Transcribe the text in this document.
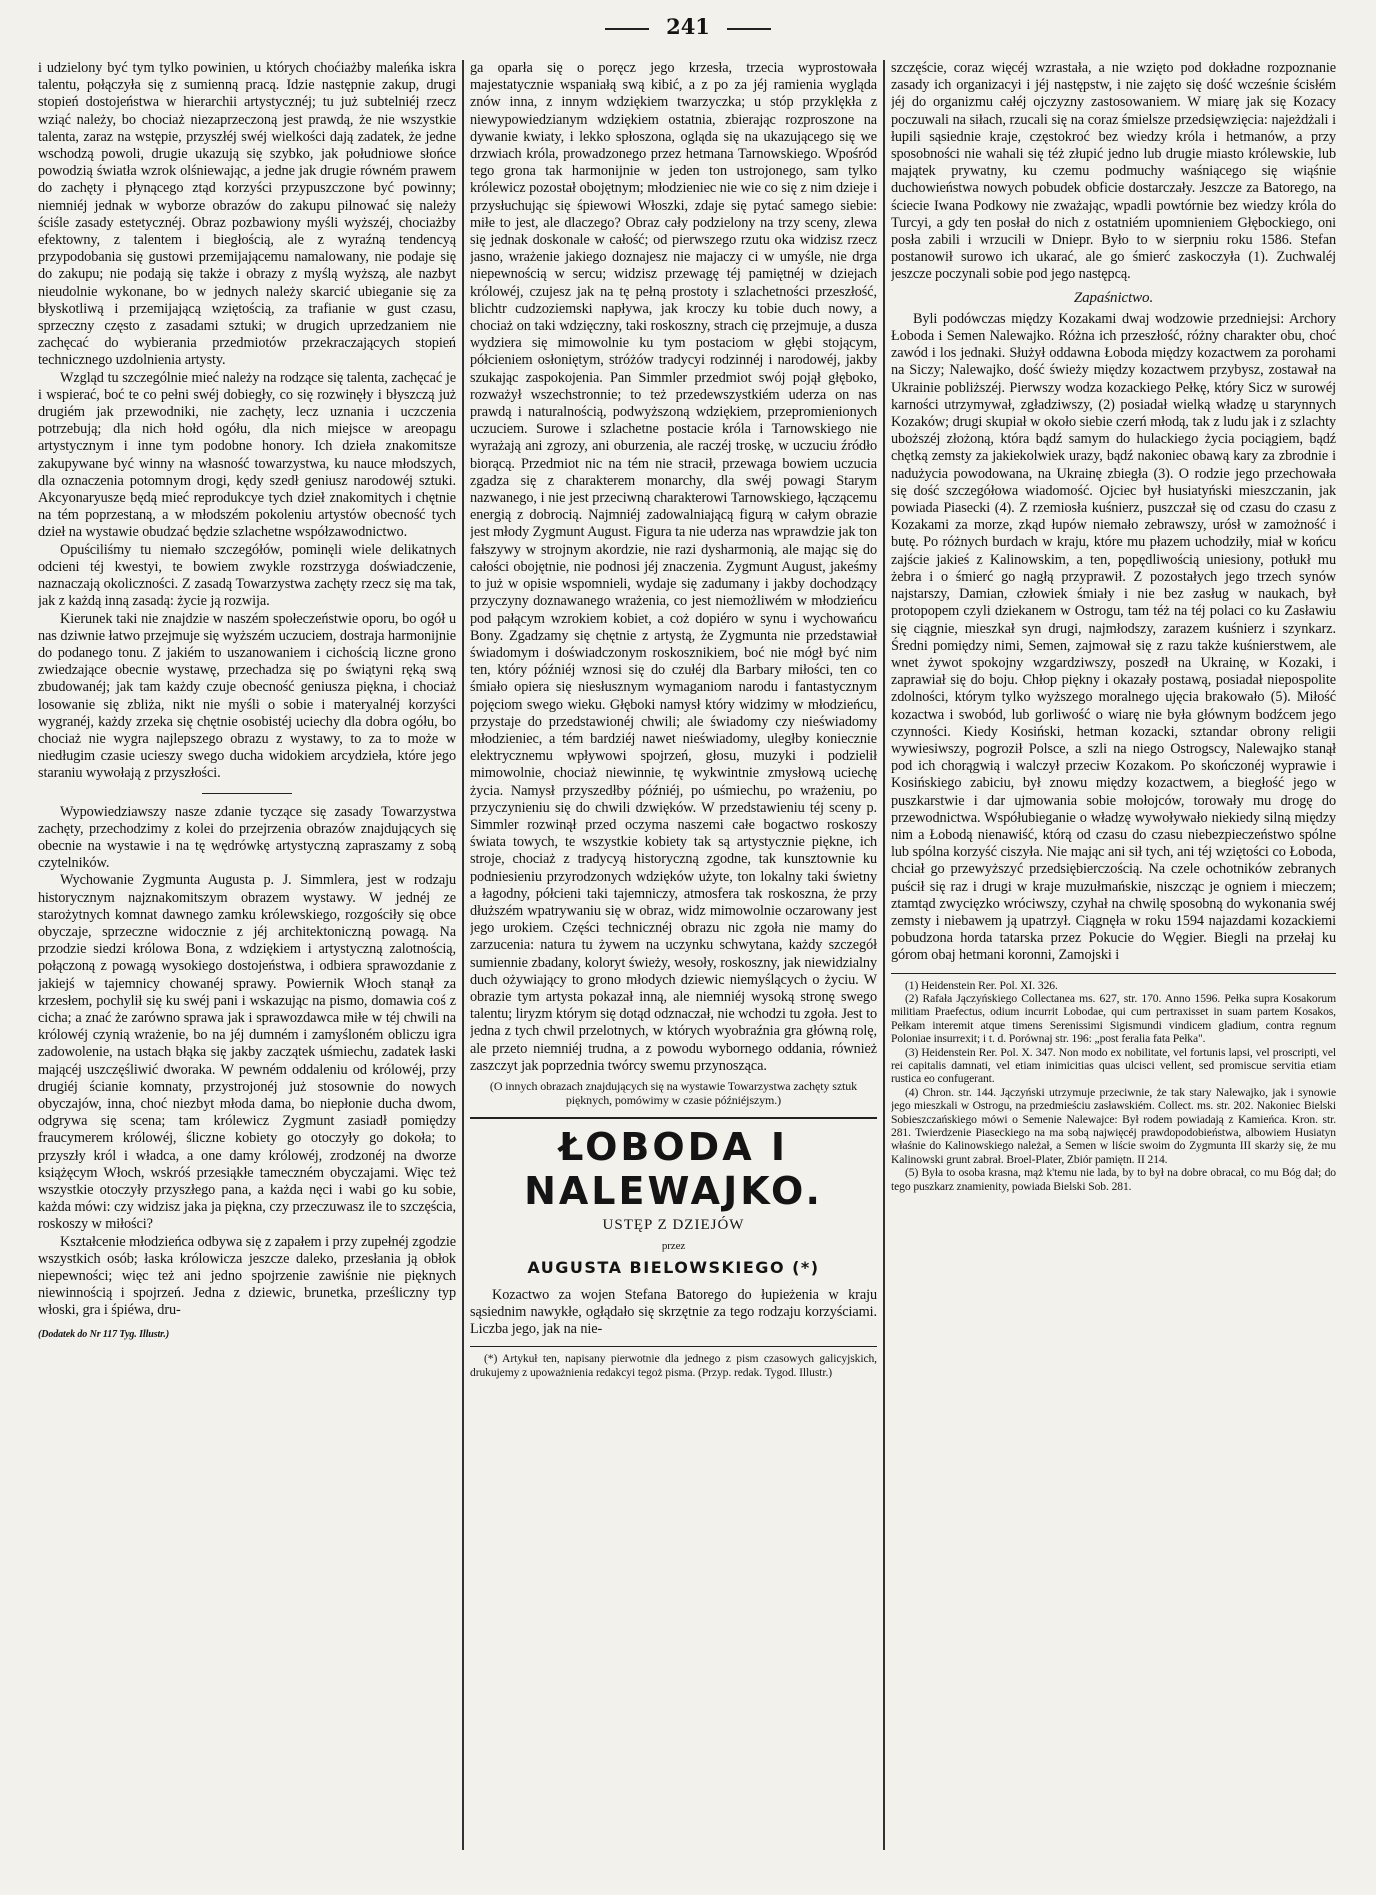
241

i udzielony być tym tylko powinien, u których choćiażby maleńka iskra talentu, połączyła się z sumienną pracą. Idzie następnie zakup, drugi stopień dostojeństwa w hierarchii artystycznéj; tu już subtelniéj rzecz wziąć należy, bo chociaż niezaprzeczoną jest prawdą, że nie wszystkie talenta, zaraz na wstępie, przyszłéj swéj wielkości dają zadatek, że jedne wschodzą powoli, drugie ukazują się szybko, jak południowe słońce powodzią światła wzrok olśniewając, a jedne jak drugie równém prawem do zachęty i płynącego ztąd korzyści przypuszczone być powinny; niemniéj jednak w wyborze obrazów do zakupu pilnować się należy ściśle zasady estetycznéj. Obraz pozbawiony myśli wyższéj, chociażby efektowny, z talentem i biegłością, ale z wyraźną tendencyą przypodobania się gustowi przemijającemu namalowany, nie podaje się do zakupu; nie podają się także i obrazy z myślą wyższą, ale nazbyt nieudolnie wykonane, bo w jednych należy skarcić ubieganie się za błyskotliwą i przemijającą wziętością, za trafianie w gust czasu, sprzeczny często z zasadami sztuki; w drugich uprzedzaniem nie zachęcać do wybierania przedmiotów przekraczających stopień technicznego uzdolnienia artysty.

Wzgląd tu szczególnie mieć należy na rodzące się talenta, zachęcać je i wspierać, boć te co pełni swéj dobiegły, co się rozwinęły i błyszczą już drugiém jak przewodniki, nie zachęty, lecz uznania i uczczenia potrzebują; dla nich hołd ogółu, dla nich miejsce w areopagu artystycznym i inne tym podobne honory. Ich dzieła znakomitsze zakupywane być winny na własność towarzystwa, ku nauce młodszych, dla oznaczenia potomnym drogi, kędy szedł geniusz narodowéj sztuki. Akcyonaryusze będą mieć reprodukcye tych dzieł znakomitych i chętnie na tém poprzestaną, a w młodszém pokoleniu artystów obecność tych dzieł na wystawie obudzać będzie szlachetne współzawodnictwo.

Opuściliśmy tu niemało szczegółów, pominęli wiele delikatnych odcieni téj kwestyi, te bowiem zwykle rozstrzyga doświadczenie, naznaczają okoliczności. Z zasadą Towarzystwa zachęty rzecz się ma tak, jak z każdą inną zasadą: życie ją rozwija.

Kierunek taki nie znajdzie w naszém społeczeństwie oporu, bo ogół u nas dziwnie łatwo przejmuje się wyższém uczuciem, dostraja harmonijnie do podanego tonu. Z jakiém to uszanowaniem i cichością liczne grono zwiedzające obecnie wystawę, przechadza się po świątyni ręką swą zbudowanéj; jak tam każdy czuje obecność geniusza piękna, i chociaż losowanie się zbliża, nikt nie myśli o sobie i materyalnéj korzyści wygranéj, każdy zrzeka się chętnie osobistéj uciechy dla dobra ogółu, bo chociaż nie wygra najlepszego obrazu z wystawy, to za to może w niedługim czasie ucieszy swego ducha widokiem arcydzieła, które jego staraniu wywołają z przyszłości.

Wypowiedziawszy nasze zdanie tyczące się zasady Towarzystwa zachęty, przechodzimy z kolei do przejrzenia obrazów znajdujących się obecnie na wystawie i na tę wędrówkę artystyczną zapraszamy z sobą czytelników.

Wychowanie Zygmunta Augusta p. J. Simmlera, jest w rodzaju historycznym najznakomitszym obrazem wystawy. W jednéj ze starożytnych komnat dawnego zamku królewskiego, rozgościły się obce obyczaje, sprzeczne widocznie z jéj architektoniczną powagą. Na przodzie siedzi królowa Bona, z wdziękiem i artystyczną zalotnością, połączoną z powagą wysokiego dostojeństwa, i odbiera sprawozdanie z jakiejś w tajemnicy chowanéj sprawy. Powiernik Włoch stanął za krzesłem, pochylił się ku swéj pani i wskazując na pismo, domawia coś z cicha; a znać że zarówno sprawa jak i sprawozdawca miłe w téj chwili na królowéj czynią wrażenie, bo na jéj dumném i zamyśloném obliczu igra zadowolenie, na ustach błąka się jakby zaczątek uśmiechu, zadatek łaski mającéj uszczęśliwić dworaka. W pewném oddaleniu od królowéj, przy drugiéj ścianie komnaty, przystrojonéj już stosownie do nowych obyczajów, inna, choć niezbyt młoda dama, bo niepłonie ducha dwom, odgrywa się scena; tam królewicz Zygmunt zasiadł pomiędzy fraucymerem królowéj, śliczne kobiety go otoczyły go dokoła; to przyszły król i władca, a one damy królowéj, zrodzonéj na dworze książęcym Włoch, wskróś przesiąkłe tameczném obyczajami. Więc też wszystkie otoczyły przyszłego pana, a każda nęci i wabi go ku sobie, każda mówi: czy widzisz jaka ja piękna, czy przeczuwasz ile to szczęścia, roskoszy w miłości?

Kształcenie młodzieńca odbywa się z zapałem i przy zupełnéj zgodzie wszystkich osób; łaska królowicza jeszcze daleko, przesłania ją obłok niepewności; więc też ani jedno spojrzenie zawiśnie nie pięknych niewinnością i spojrzeń. Jedna z dziewic, brunetka, prześliczny typ włoski, gra i śpiéwa, dru-

(Dodatek do Nr 117 Tyg. Illustr.)

ga oparła się o poręcz jego krzesła, trzecia wyprostowała majestatycznie wspaniałą swą kibić, a z po za jéj ramienia wygląda znów inna, z innym wdziękiem twarzyczka; u stóp przyklękła z niewypowiedzianym wdziękiem ostatnia, zbierając rozproszone na dywanie kwiaty, i lekko spłoszona, ogląda się na ukazującego się we drzwiach króla, prowadzonego przez hetmana Tarnowskiego. Wpośród tego grona tak harmonijnie w jeden ton ustrojonego, sam tylko królewicz pozostał obojętnym; młodzieniec nie wie co się z nim dzieje i przysłuchując się śpiewowi Włoszki, zdaje się pytać samego siebie: miłe to jest, ale dlaczego? Obraz cały podzielony na trzy sceny, zlewa się jednak doskonale w całość; od pierwszego rzutu oka widzisz rzecz jasno, wrażenie jakiego doznajesz nie majaczy ci w umyśle, nie drga niepewnością w sercu; widzisz przewagę téj pamiętnéj w dziejach królowéj, czujesz jak na tę pełną prostoty i szlachetności przeszłość, blichtr cudzoziemski napływa, jak kroczy ku tobie duch nowy, a chociaż on taki wdzięczny, taki roskoszny, strach cię przejmuje, a dusza wydziera się mimowolnie ku tym postaciom w głębi stojącym, półcieniem osłoniętym, stróżów tradycyi rodzinnéj i narodowéj, jakby szukając zaspokojenia. Pan Simmler przedmiot swój pojął głęboko, rozważył wszechstronnie; to też przedewszystkiém uderza on nas prawdą i naturalnością, podwyższoną wdziękiem, przepromienionych uczuciem. Surowe i szlachetne postacie króla i Tarnowskiego nie wyrażają ani zgrozy, ani oburzenia, ale raczéj troskę, w uczuciu źródło biorącą. Przedmiot nic na tém nie stracił, przewaga bowiem uczucia zgadza się z charakterem monarchy, dla swéj powagi Starym nazwanego, i nie jest przeciwną charakterowi Tarnowskiego, łączącemu energią z dobrocią. Najmniéj zadowalniającą figurą w całym obrazie jest młody Zygmunt August. Figura ta nie uderza nas wprawdzie jak ton fałszywy w strojnym akordzie, nie razi dysharmonią, ale mając się do całości obojętnie, nie podnosi jéj znaczenia. Zygmunt August, jakeśmy to już w opisie wspomnieli, wydaje się zadumany i jakby dochodzący przyczyny doznawanego wrażenia, co jest niemożliwém w młodzieńcu pod pałącym wzrokiem kobiet, a coż dopiéro w synu i wychowańcu Bony. Zgadzamy się chętnie z artystą, że Zygmunta nie przedstawiał świadomym i doświadczonym roskosznikiem, boć nie mógł być nim ten, który późniéj wznosi się do czułéj dla Barbary miłości, ten co śmiało opiera się niesłusznym wymaganiom narodu i fantastycznym pojęciom swego wieku. Głęboki namysł który widzimy w młodzieńcu, przystaje do przedstawionéj chwili; ale świadomy czy nieświadomy młodzieniec, a tém bardziéj nawet nieświadomy, uległby koniecznie elektrycznemu wpływowi spojrzeń, głosu, muzyki i podzielił mimowolnie, chociaż niewinnie, tę wykwintnie zmysłową uciechę życia. Namysł przyszedłby późniéj, po uśmiechu, po wrażeniu, po przyczynieniu się do chwili dzwięków. W przedstawieniu téj sceny p. Simmler rozwinął przed oczyma naszemi całe bogactwo roskoszy świata towych, te wszystkie kobiety tak są artystycznie piękne, ich stroje, chociaż z tradycyą historyczną zgodne, tak kunsztownie ku podniesieniu przyrodzonych wdzięków użyte, ton lokalny taki świetny a łagodny, półcieni taki tajemniczy, atmosfera tak roskoszna, że przy dłuższém wpatrywaniu się w obraz, widz mimowolnie oczarowany jest jego urokiem. Części technicznéj obrazu nic zgoła nie mamy do zarzucenia: natura tu żywem na uczynku schwytana, każdy szczegół sumiennie zbadany, koloryt świeży, wesoły, roskoszny, jak niewidzialny duch ożywiający to grono młodych dziewic niemyślących o życiu. W obrazie tym artysta pokazał inną, ale niemniéj wysoką stronę swego talentu; liryzm którym się dotąd odznaczał, nie wchodzi tu zgoła. Jest to jedna z tych chwil przelotnych, w których wyobraźnia gra główną rolę, ale przeto niemniéj trudna, a z powodu wybornego oddania, również zaszczyt jak poprzednia twórcy swemu przynosząca.

(O innych obrazach znajdujących się na wystawie Towarzystwa zachęty sztuk pięknych, pomówimy w czasie późniéjszym.)

ŁOBODA I NALEWAJKO.
USTĘP Z DZIEJÓW
przez
AUGUSTA BIELOWSKIEGO (*)

Kozactwo za wojen Stefana Batorego do łupieżenia w kraju sąsiednim nawykłe, ogłądało się skrzętnie za tego rodzaju korzyściami. Liczba jego, jak na nie-

(*) Artykuł ten, napisany pierwotnie dla jednego z pism czasowych galicyjskich, drukujemy z upoważnienia redakcyi tegoż pisma. (Przyp. redak. Tygod. Illustr.)

szczęście, coraz więcéj wzrastała, a nie wzięto pod dokładne rozpoznanie zasady ich organizacyi i jéj następstw, i nie zajęto się dość wcześnie ścisłém jéj do organizmu całéj ojczyzny zastosowaniem. W miarę jak się Kozacy poczuwali na siłach, rzucali się na coraz śmielsze przedsięwzięcia: najeżdżali i łupili sąsiednie kraje, częstokroć bez wiedzy króla i hetmanów, a przy sposobności nie wahali się téż złupić jedno lub drugie miasto królewskie, lub majątek prywatny, ku czemu podmuchy waśniącego się wiąśnie duchowieństwa nowych pobudek obficie dostarczały. Jeszcze za Batorego, na ściecie Iwana Podkowy nie zważając, wpadli powtórnie bez wiedzy króla do Turcyi, a gdy ten posłał do nich z ostatniém upomnieniem Głębockiego, oni posła zabili i wrzucili w Dniepr. Było to w sierpniu roku 1586. Stefan postanowił surowo ich ukarać, ale go śmierć zaskoczyła (1). Zuchwaléj jeszcze poczynali sobie pod jego następcą.

Zapaśnictwo.

Byli podówczas między Kozakami dwaj wodzowie przedniejsi: Archory Łoboda i Semen Nalewajko. Różna ich przeszłość, różny charakter obu, choć zawód i los jednaki. Służył oddawna Łoboda między kozactwem za porohami na Siczy; Nalewajko, dość świeży między kozactwem przybysz, zostawał na Ukrainie pobliższéj. Pierwszy wodza kozackiego Pełkę, który Sicz w surowéj karności utrzymywał, zgładziwszy, (2) posiadał wielką władzę u starynnych Kozaków; drugi skupiał w około siebie czerń młodą, tak z ludu jak i z szlachty uboższéj złożoną, która bądź samym do hulackiego życia pociągiem, bądź chętką zemsty za jakiekolwiek urazy, bądź nakoniec obawą kary za zbrodnie i nadużycia powodowana, na Ukrainę zbiegła (3). O rodzie jego przechowała się dość szczegółowa wiadomość. Ojciec był husiatyński mieszczanin, jak powiada Piasecki (4). Z rzemiosła kuśnierz, puszczał się od czasu do czasu z Kozakami za morze, zkąd łupów niemało zebrawszy, urósł w zamożność i butę. Po różnych burdach w kraju, które mu płazem uchodziły, miał w końcu zajście jakieś z Kalinowskim, a ten, popędliwością uniesiony, potłukł mu żebra i o śmierć go nagłą przyprawił. Z pozostałych jego trzech synów najstarszy, Damian, człowiek śmiały i nie bez zasług w naukach, był protopopem czyli dziekanem w Ostrogu, tam téż na téj polaci co ku Zasławiu się ciągnie, mieszkał syn drugi, najmłodszy, zarazem kuśnierz i szynkarz. Średni pomiędzy nimi, Semen, zajmował się z razu także kuśnierstwem, ale wnet żywot spokojny wzgardziwszy, poszedł na Ukrainę, w Kozaki, i zaprawiał się do boju. Chłop piękny i okazały postawą, posiadał niepospolite zdolności, którym tylko wyższego moralnego ujęcia brakowało (5). Miłość kozactwa i swobód, lub gorliwość o wiarę nie była głównym bodźcem jego czynności. Kiedy Kosiński, hetman kozacki, sztandar obrony religii wywiesiwszy, pogroził Polsce, a szli na niego Ostrogscy, Nalewajko stanął pod ich chorągwią i walczył przeciw Kozakom. Po skończonéj wyprawie i Kosińskiego zabiciu, był znowu między kozactwem, a biegłość jego w puszkarstwie i dar ujmowania sobie mołojców, torowały mu drogę do przewodnictwa. Współubieganie o władzę wywoływało niekiedy silną między nim a Łobodą nienawiść, którą od czasu do czasu niebezpieczeństwo spólne lub spólna korzyść ciszyła. Nie mając ani sił tych, ani téj wziętości co Łoboda, chciał go przewyższyć przedsiębierczością. Na czele ochotników zebranych puścił się raz i drugi w kraje muzułmańskie, niszcząc je ogniem i mieczem; ztamtąd zwycięzko wróciwszy, czyhał na chwilę sposobną do wykonania swéj zemsty i niebawem ją upatrzył. Ciągnęła w roku 1594 najazdami kozackiemi pobudzona horda tatarska przez Pokucie do Węgier. Biegli na przełaj ku górom obaj hetmani koronni, Zamojski i

(1) Heidenstein Rer. Pol. XI. 326.

(2) Rafała Jączyńskiego Collectanea ms. 627, str. 170. Anno 1596. Pełka supra Kosakorum militiam Praefectus, odium incurrit Lobodae, qui cum pertraxisset in suam partem Kosakos, Pełkam interemit atque timens Serenissimi Sigismundi vindicem gladium, contra regnum Poloniae insurrexit; i t. d. Porównaj str. 196: „post feralia fata Pełka".

(3) Heidenstein Rer. Pol. X. 347. Non modo ex nobilitate, vel fortunis lapsi, vel proscripti, vel rei capitalis damnati, vel etiam inimicitias quas ulcisci vellent, sed promiscue servitia etiam rustica eo confugerant.

(4) Chron. str. 144. Jączyński utrzymuje przeciwnie, że tak stary Nalewajko, jak i synowie jego mieszkali w Ostrogu, na przedmieściu zasławskiém. Collect. ms. str. 202. Nakoniec Bielski Sobieszczańskiego mówi o Semenie Nalewajce: Był rodem powiadają z Kamieńca. Kron. str. 281. Twierdzenie Piaseckiego na ma sobą najwięcéj prawdopodobieństwa, albowiem Husiatyn właśnie do Kalinowskiego należał, a Semen w liście swoim do Zygmunta III skarży się, że mu Kalinowski grunt zabrał. Broel-Plater, Zbiór pamiętn. II 214.

(5) Była to osoba krasna, mąż k'temu nie lada, by to był na dobre obracał, co mu Bóg dał; do tego puszkarz znamienity, powiada Bielski Sob. 281.
